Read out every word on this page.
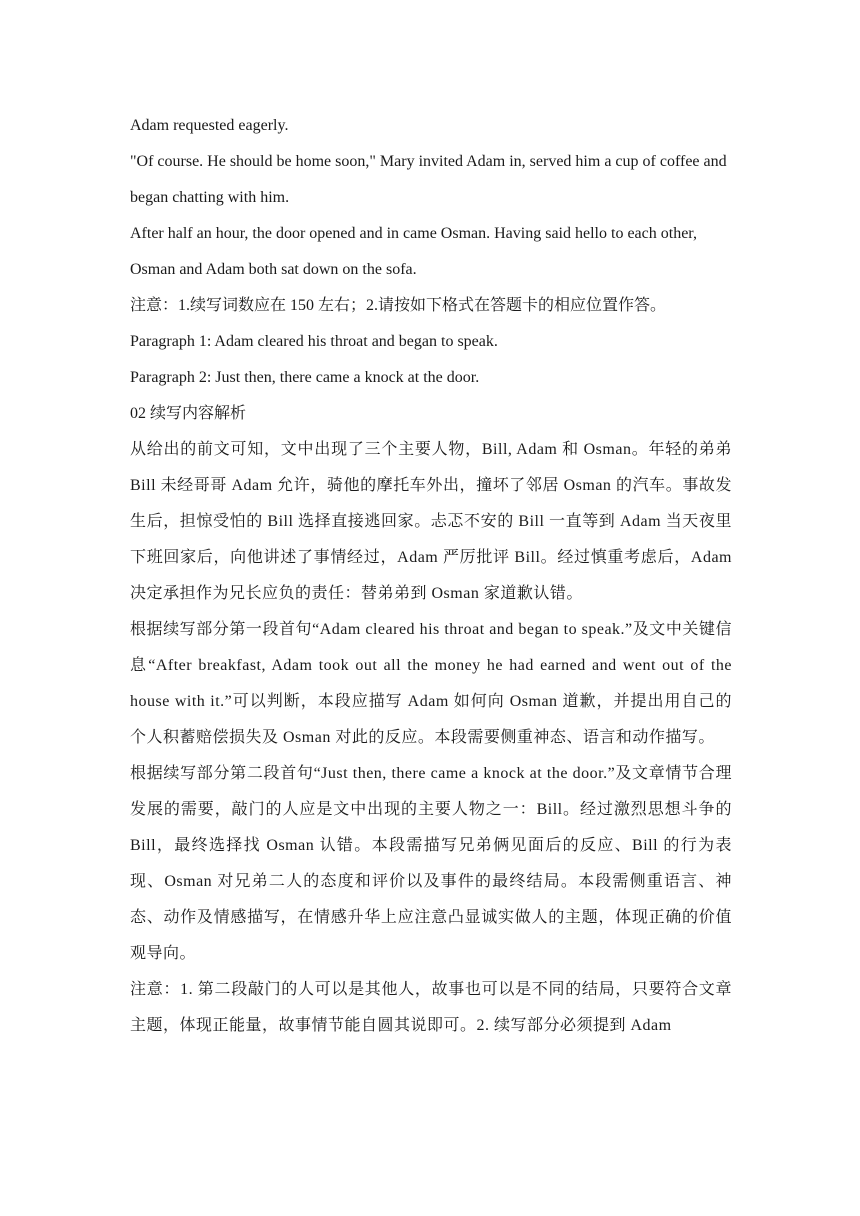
Adam requested eagerly.

"Of course. He should be home soon," Mary invited Adam in, served him a cup of coffee and began chatting with him.

After half an hour, the door opened and in came Osman. Having said hello to each other, Osman and Adam both sat down on the sofa.

注意：1.续写词数应在 150 左右；2.请按如下格式在答题卡的相应位置作答。

Paragraph 1: Adam cleared his throat and began to speak.

Paragraph 2: Just then, there came a knock at the door.

02 续写内容解析

从给出的前文可知，文中出现了三个主要人物，Bill, Adam 和 Osman。年轻的弟弟 Bill 未经哥哥 Adam 允许，骑他的摩托车外出，撞坏了邻居 Osman 的汽车。事故发生后，担惊受怕的 Bill 选择直接逃回家。忐忑不安的 Bill 一直等到 Adam 当天夜里下班回家后，向他讲述了事情经过，Adam 严厉批评 Bill。经过慎重考虑后，Adam 决定承担作为兄长应负的责任：替弟弟到 Osman 家道歉认错。

根据续写部分第一段首句“Adam cleared his throat and began to speak.”及文中关键信息“After breakfast, Adam took out all the money he had earned and went out of the house with it.”可以判断，本段应描写 Adam 如何向 Osman 道歉，并提出用自己的个人积蓄赔偿损失及 Osman 对此的反应。本段需要侧重神态、语言和动作描写。

根据续写部分第二段首句“Just then, there came a knock at the door.”及文章情节合理发展的需要，敲门的人应是文中出现的主要人物之一：Bill。经过激烈思想斗争的 Bill，最终选择找 Osman 认错。本段需描写兄弟俩见面后的反应、Bill 的行为表现、Osman 对兄弟二人的态度和评价以及事件的最终结局。本段需侧重语言、神态、动作及情感描写，在情感升华上应注意凸显诚实做人的主题，体现正确的价值观导向。

注意：1. 第二段敲门的人可以是其他人，故事也可以是不同的结局，只要符合文章主题，体现正能量，故事情节能自圆其说即可。2. 续写部分必须提到 Adam
